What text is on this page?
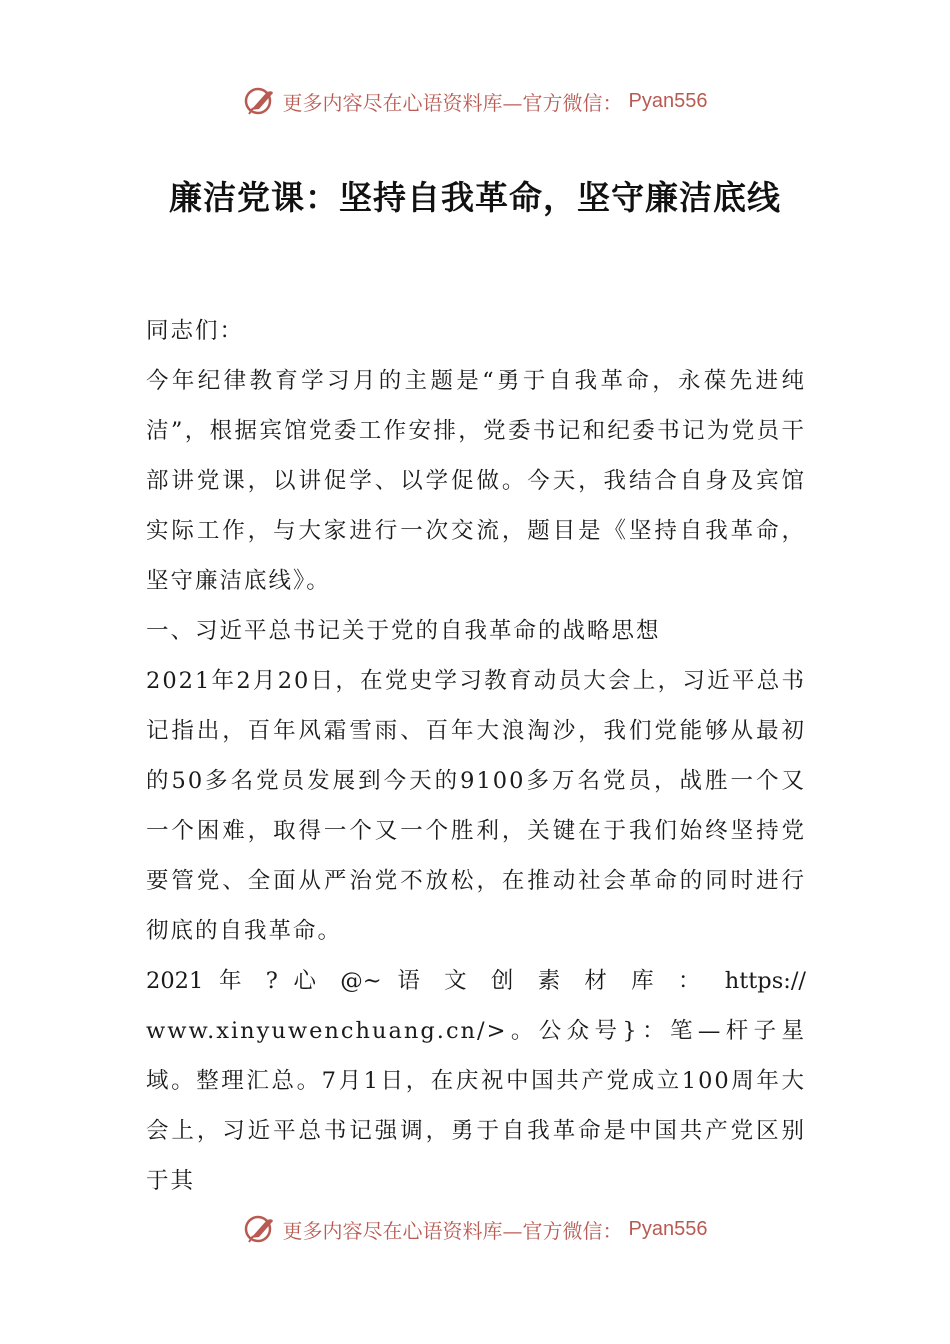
更多内容尽在心语资料库—官方微信： Pyan556
廉洁党课：坚持自我革命，坚守廉洁底线

同志们：

今年纪律教育学习月的主题是“勇于自我革命，永葆先进纯洁”，根据宾馆党委工作安排，党委书记和纪委书记为党员干部讲党课，以讲促学、以学促做。今天，我结合自身及宾馆实际工作，与大家进行一次交流，题目是《坚持自我革命，坚守廉洁底线》。

一、习近平总书记关于党的自我革命的战略思想

2021年2月20日，在党史学习教育动员大会上，习近平总书记指出，百年风霜雪雨、百年大浪淘沙，我们党能够从最初的50多名党员发展到今天的9100多万名党员，战胜一个又一个困难，取得一个又一个胜利，关键在于我们始终坚持党要管党、全面从严治党不放松，在推动社会革命的同时进行彻底的自我革命。

2021 年 ? 心 @~ 语 文 创 素 材 库 ： https://

www.xinyuwenchuang.cn/>。公众号}：笔—杆子星域。整理汇总。7月1日，在庆祝中国共产党成立100周年大会上，习近平总书记强调，勇于自我革命是中国共产党区别于其

更多内容尽在心语资料库—官方微信： Pyan556
